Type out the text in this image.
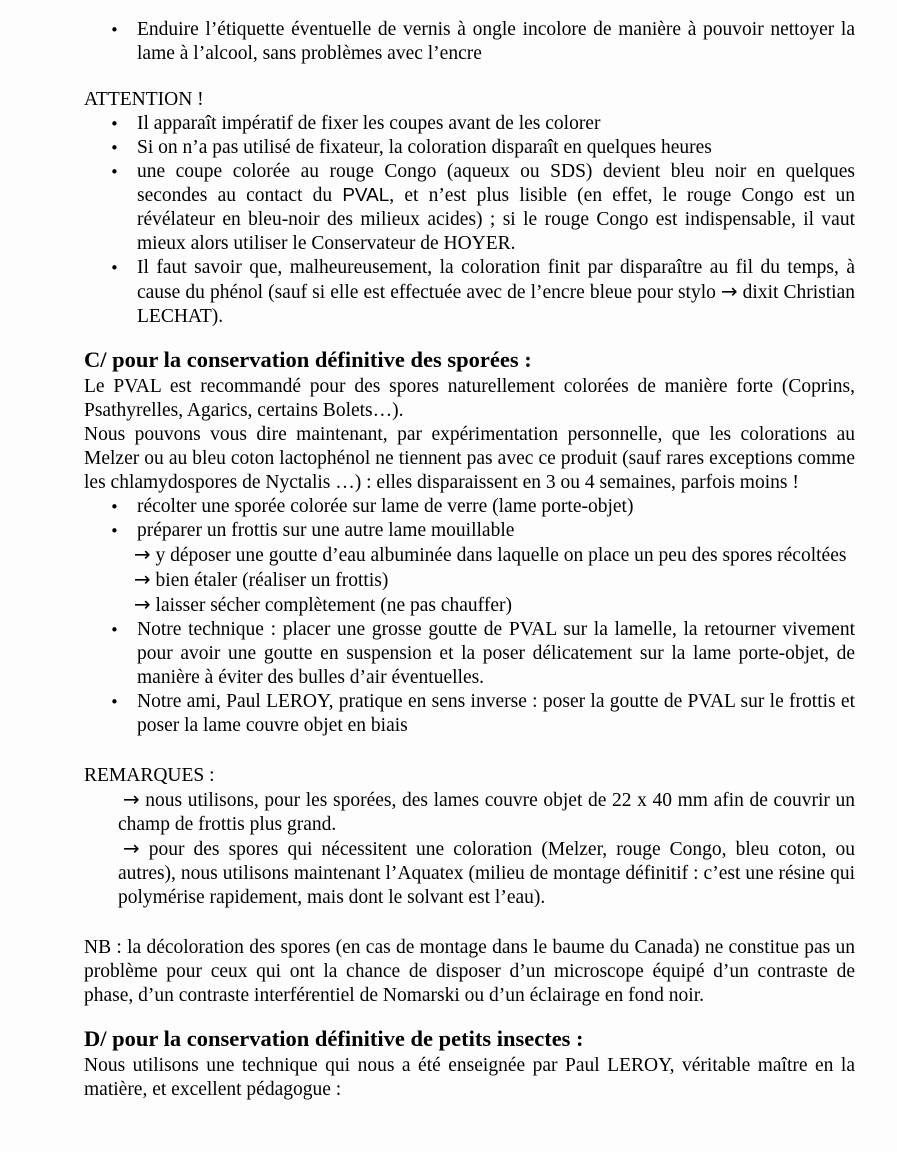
• Enduire l’étiquette éventuelle de vernis à ongle incolore de manière à pouvoir nettoyer la lame à l’alcool, sans problèmes avec l’encre

ATTENTION !

• Il apparaît impératif de fixer les coupes avant de les colorer
• Si on n’a pas utilisé de fixateur, la coloration disparaît en quelques heures
• une coupe colorée au rouge Congo (aqueux ou SDS) devient bleu noir en quelques secondes au contact du PVAL, et n’est plus lisible (en effet, le rouge Congo est un révélateur en bleu-noir des milieux acides) ; si le rouge Congo est indispensable, il vaut mieux alors utiliser le Conservateur de HOYER.
• Il faut savoir que, malheureusement, la coloration finit par disparaître au fil du temps, à cause du phénol (sauf si elle est effectuée avec de l’encre bleue pour stylo → dixit Christian LECHAT).
C/ pour la conservation définitive des sporées :

Le PVAL est recommandé pour des spores naturellement colorées de manière forte (Coprins, Psathyrelles, Agarics, certains Bolets…).

Nous pouvons vous dire maintenant, par expérimentation personnelle, que les colorations au Melzer ou au bleu coton lactophénol ne tiennent pas avec ce produit (sauf rares exceptions comme les chlamydospores de Nyctalis …) : elles disparaissent en 3 ou 4 semaines, parfois moins !

• récolter une sporée colorée sur lame de verre (lame porte-objet)
• préparer un frottis sur une autre lame mouillable

→ y déposer une goutte d’eau albuminée dans laquelle on place un peu des spores récoltées

→ bien étaler (réaliser un frottis)

→ laisser sécher complètement (ne pas chauffer)

• Notre technique : placer une grosse goutte de PVAL sur la lamelle, la retourner vivement pour avoir une goutte en suspension et la poser délicatement sur la lame porte-objet, de manière à éviter des bulles d’air éventuelles.
• Notre ami, Paul LEROY, pratique en sens inverse : poser la goutte de PVAL sur le frottis et poser la lame couvre objet en biais

REMARQUES :

→ nous utilisons, pour les sporées, des lames couvre objet de 22 x 40 mm afin de couvrir un champ de frottis plus grand.

→ pour des spores qui nécessitent une coloration (Melzer, rouge Congo, bleu coton, ou autres), nous utilisons maintenant l’Aquatex (milieu de montage définitif : c’est une résine qui polymérise rapidement, mais dont le solvant est l’eau).

NB : la décoloration des spores (en cas de montage dans le baume du Canada) ne constitue pas un problème pour ceux qui ont la chance de disposer d’un microscope équipé d’un contraste de phase, d’un contraste interférentiel de Nomarski ou d’un éclairage en fond noir.

D/ pour la conservation définitive de petits insectes :

Nous utilisons une technique qui nous a été enseignée par Paul LEROY, véritable maître en la matière, et excellent pédagogue :
